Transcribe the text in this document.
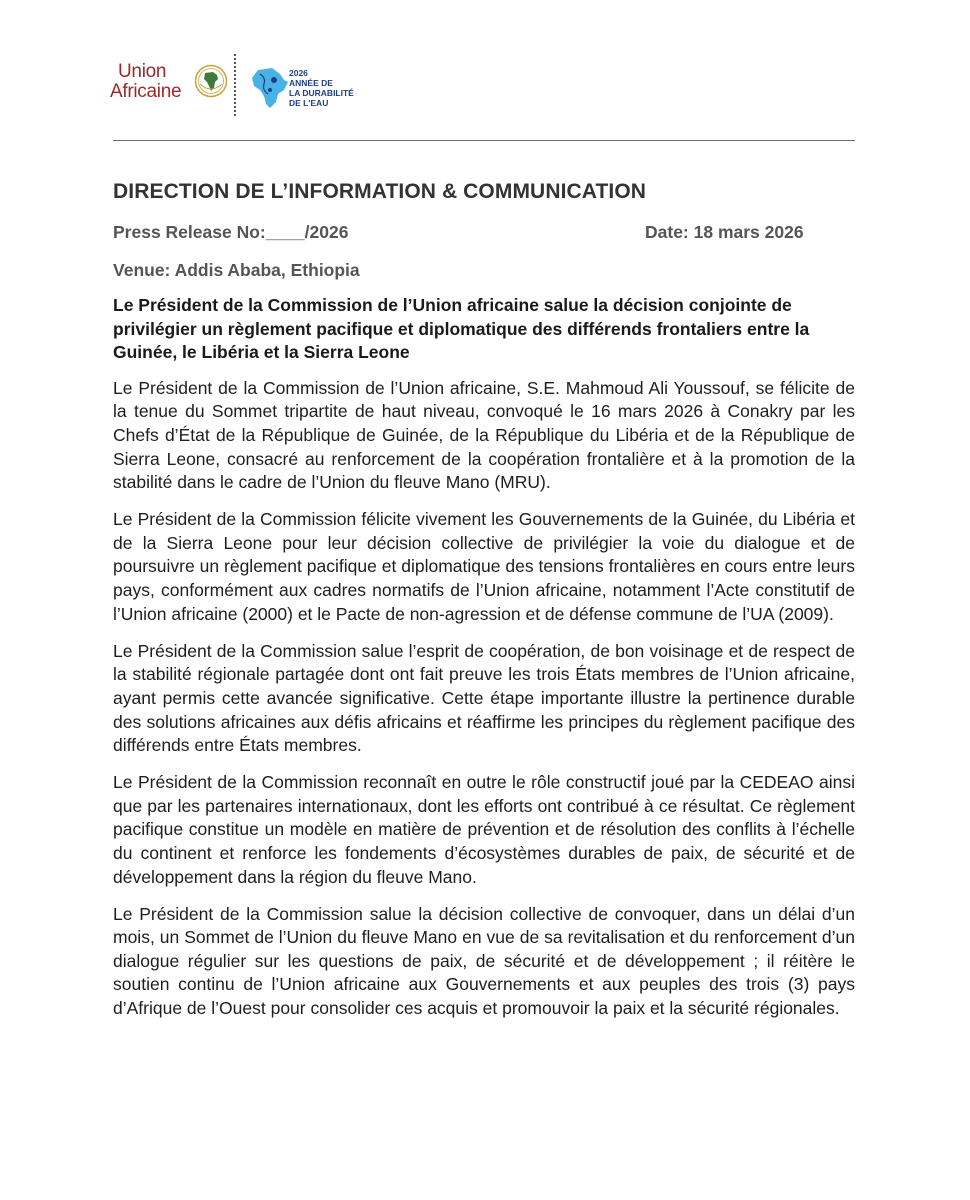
Union
Africaine
2026
ANNÉE DE
LA DURABILITÉ
DE L'EAU
DIRECTION DE L’INFORMATION & COMMUNICATION
Press Release No:____/2026	Date: 18 mars 2026
Venue: Addis Ababa, Ethiopia

Le Président de la Commission de l’Union africaine salue la décision conjointe de privilégier un règlement pacifique et diplomatique des différends frontaliers entre la Guinée, le Libéria et la Sierra Leone

Le Président de la Commission de l’Union africaine, S.E. Mahmoud Ali Youssouf, se félicite de la tenue du Sommet tripartite de haut niveau, convoqué le 16 mars 2026 à Conakry par les Chefs d’État de la République de Guinée, de la République du Libéria et de la République de Sierra Leone, consacré au renforcement de la coopération frontalière et à la promotion de la stabilité dans le cadre de l’Union du fleuve Mano (MRU).

Le Président de la Commission félicite vivement les Gouvernements de la Guinée, du Libéria et de la Sierra Leone pour leur décision collective de privilégier la voie du dialogue et de poursuivre un règlement pacifique et diplomatique des tensions frontalières en cours entre leurs pays, conformément aux cadres normatifs de l’Union africaine, notamment l’Acte constitutif de l’Union africaine (2000) et le Pacte de non-agression et de défense commune de l’UA (2009).

Le Président de la Commission salue l’esprit de coopération, de bon voisinage et de respect de la stabilité régionale partagée dont ont fait preuve les trois États membres de l’Union africaine, ayant permis cette avancée significative. Cette étape importante illustre la pertinence durable des solutions africaines aux défis africains et réaffirme les principes du règlement pacifique des différends entre États membres.

Le Président de la Commission reconnaît en outre le rôle constructif joué par la CEDEAO ainsi que par les partenaires internationaux, dont les efforts ont contribué à ce résultat. Ce règlement pacifique constitue un modèle en matière de prévention et de résolution des conflits à l’échelle du continent et renforce les fondements d’écosystèmes durables de paix, de sécurité et de développement dans la région du fleuve Mano.

Le Président de la Commission salue la décision collective de convoquer, dans un délai d’un mois, un Sommet de l’Union du fleuve Mano en vue de sa revitalisation et du renforcement d’un dialogue régulier sur les questions de paix, de sécurité et de développement ; il réitère le soutien continu de l’Union africaine aux Gouvernements et aux peuples des trois (3) pays d’Afrique de l’Ouest pour consolider ces acquis et promouvoir la paix et la sécurité régionales.
